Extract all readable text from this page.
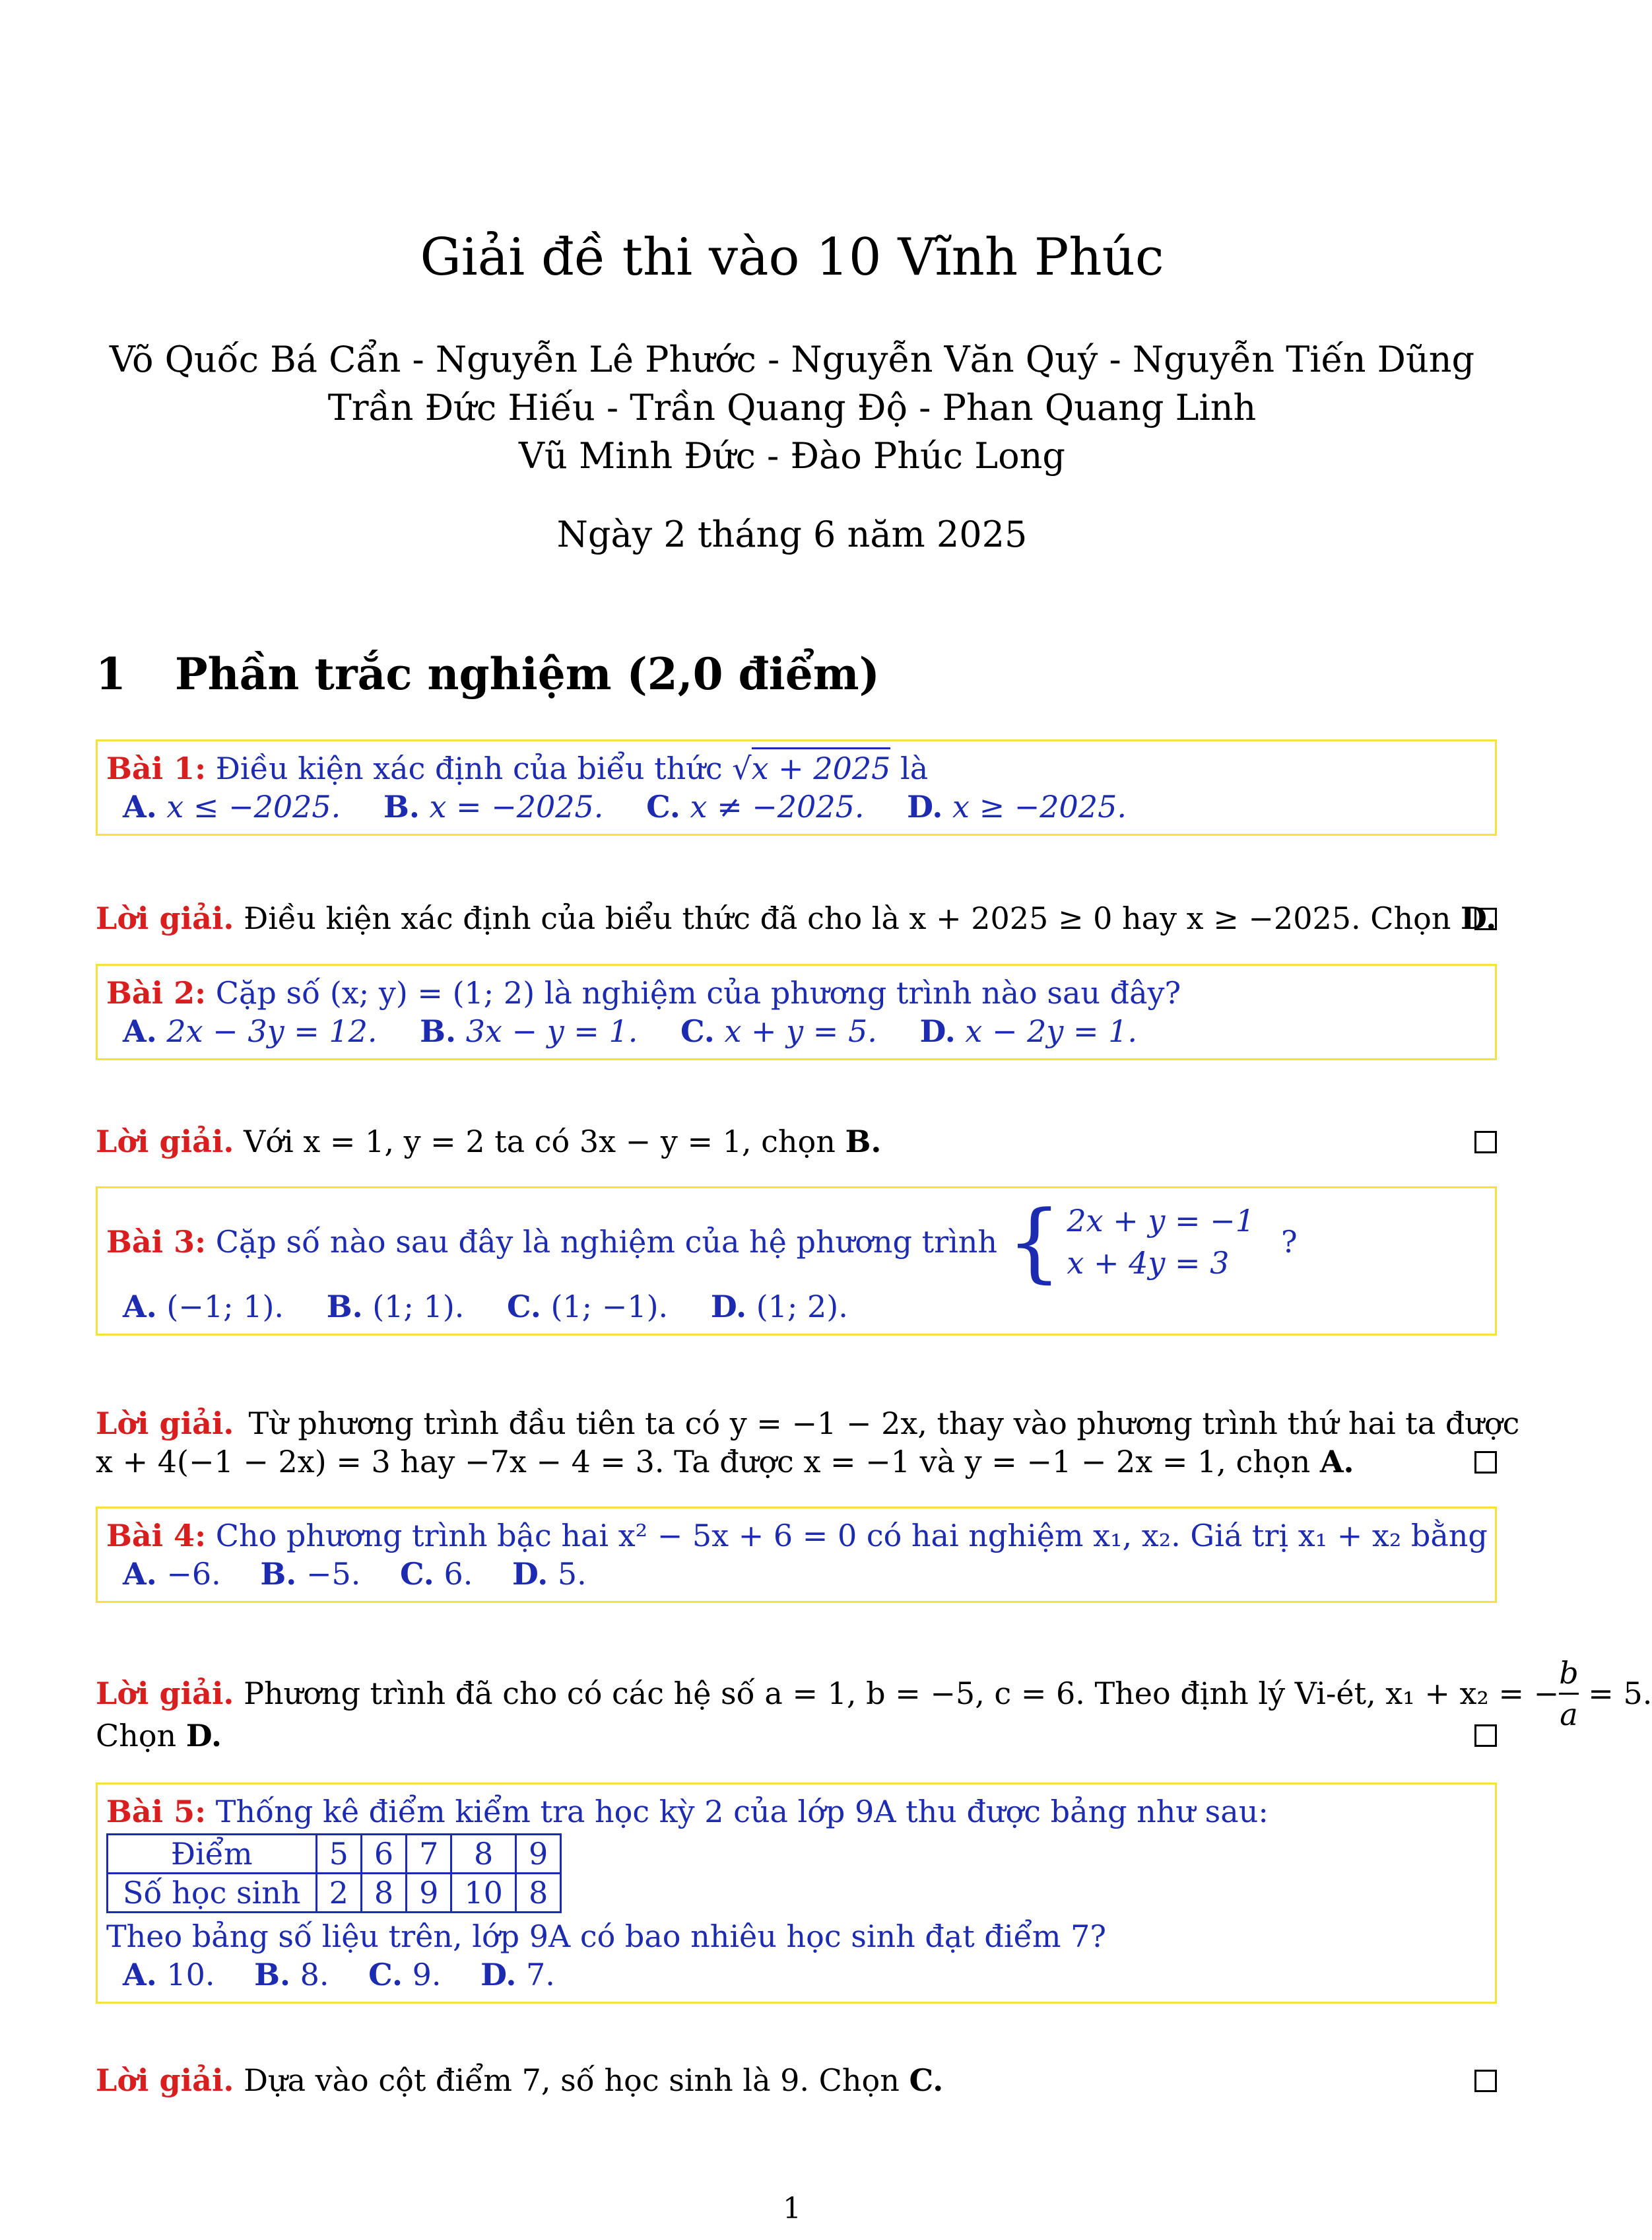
Giải đề thi vào 10 Vĩnh Phúc
Võ Quốc Bá Cẩn - Nguyễn Lê Phước - Nguyễn Văn Quý - Nguyễn Tiến Dũng
Trần Đức Hiếu - Trần Quang Độ - Phan Quang Linh
Vũ Minh Đức - Đào Phúc Long
Ngày 2 tháng 6 năm 2025
1 Phần trắc nghiệm (2,0 điểm)
Bài 1: Điều kiện xác định của biểu thức √x + 2025 là
A. x ≤ −2025. B. x = −2025. C. x ≠ −2025. D. x ≥ −2025.
Lời giải. Điều kiện xác định của biểu thức đã cho là x + 2025 ≥ 0 hay x ≥ −2025. Chọn D.
Bài 2: Cặp số (x; y) = (1; 2) là nghiệm của phương trình nào sau đây?
A. 2x − 3y = 12. B. 3x − y = 1. C. x + y = 5. D. x − 2y = 1.
Lời giải. Với x = 1, y = 2 ta có 3x − y = 1, chọn B.
Bài 3:
Cặp số nào sau đây là nghiệm của hệ phương trình
{ 2x + y = −1
x + 4y = 3
?
A. (−1; 1). B. (1; 1). C. (1; −1). D. (1; 2).
Lời giải. Từ phương trình đầu tiên ta có y = −1 − 2x, thay vào phương trình thứ hai ta được
x + 4(−1 − 2x) = 3 hay −7x − 4 = 3. Ta được x = −1 và y = −1 − 2x = 1, chọn A.
Bài 4: Cho phương trình bậc hai x² − 5x + 6 = 0 có hai nghiệm x₁, x₂. Giá trị x₁ + x₂ bằng
A. −6. B. −5. C. 6. D. 5.
Lời giải.
Phương trình đã cho có các hệ số a = 1, b = −5, c = 6. Theo định lý Vi-ét, x₁ + x₂ = − $\frac{b}{a}$
= 5.
Chọn D.
Bài 5: Thống kê điểm kiểm tra học kỳ 2 của lớp 9A thu được bảng như sau:
Điểm	5	6	7	8	9
Số học sinh	2	8	9	10	8
Theo bảng số liệu trên, lớp 9A có bao nhiêu học sinh đạt điểm 7?
A. 10. B. 8. C. 9. D. 7.
Lời giải. Dựa vào cột điểm 7, số học sinh là 9. Chọn C.
1
